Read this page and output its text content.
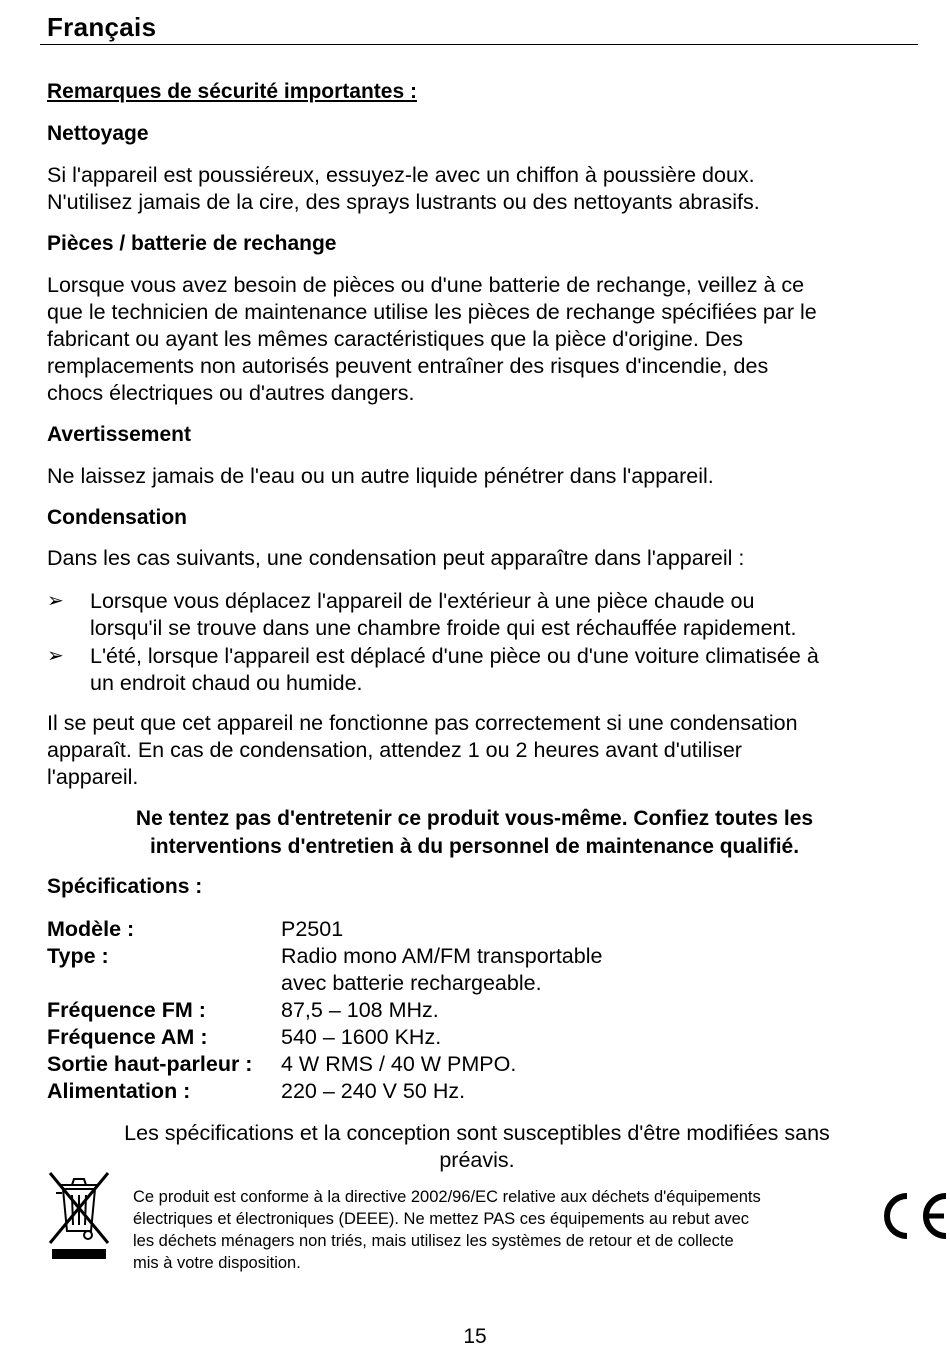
Français
Remarques de sécurité importantes :
Nettoyage
Si l'appareil est poussiéreux, essuyez-le avec un chiffon à poussière doux.
N'utilisez jamais de la cire, des sprays lustrants ou des nettoyants abrasifs.
Pièces / batterie de rechange
Lorsque vous avez besoin de pièces ou d'une batterie de rechange, veillez à ce
que le technicien de maintenance utilise les pièces de rechange spécifiées par le
fabricant ou ayant les mêmes caractéristiques que la pièce d'origine. Des
remplacements non autorisés peuvent entraîner des risques d'incendie, des
chocs électriques ou d'autres dangers.
Avertissement
Ne laissez jamais de l'eau ou un autre liquide pénétrer dans l'appareil.
Condensation
Dans les cas suivants, une condensation peut apparaître dans l'appareil :
➢ Lorsque vous déplacez l'appareil de l'extérieur à une pièce chaude ou
lorsqu'il se trouve dans une chambre froide qui est réchauffée rapidement.
➢ L'été, lorsque l'appareil est déplacé d'une pièce ou d'une voiture climatisée à
un endroit chaud ou humide.
Il se peut que cet appareil ne fonctionne pas correctement si une condensation
apparaît. En cas de condensation, attendez 1 ou 2 heures avant d'utiliser
l'appareil.
Ne tentez pas d'entretenir ce produit vous-même. Confiez toutes les
interventions d'entretien à du personnel de maintenance qualifié.
Spécifications :
Modèle :	P2501
Type :	Radio mono AM/FM transportable
avec batterie rechargeable.
Fréquence FM :	87,5 – 108 MHz.
Fréquence AM :	540 – 1600 KHz.
Sortie haut-parleur : 4 W RMS / 40 W PMPO.
Alimentation :	220 – 240 V 50 Hz.
Les spécifications et la conception sont susceptibles d'être modifiées sans
préavis.
Ce produit est conforme à la directive 2002/96/EC relative aux déchets d'équipements
électriques et électroniques (DEEE). Ne mettez PAS ces équipements au rebut avec
les déchets ménagers non triés, mais utilisez les systèmes de retour et de collecte
mis à votre disposition.
15
